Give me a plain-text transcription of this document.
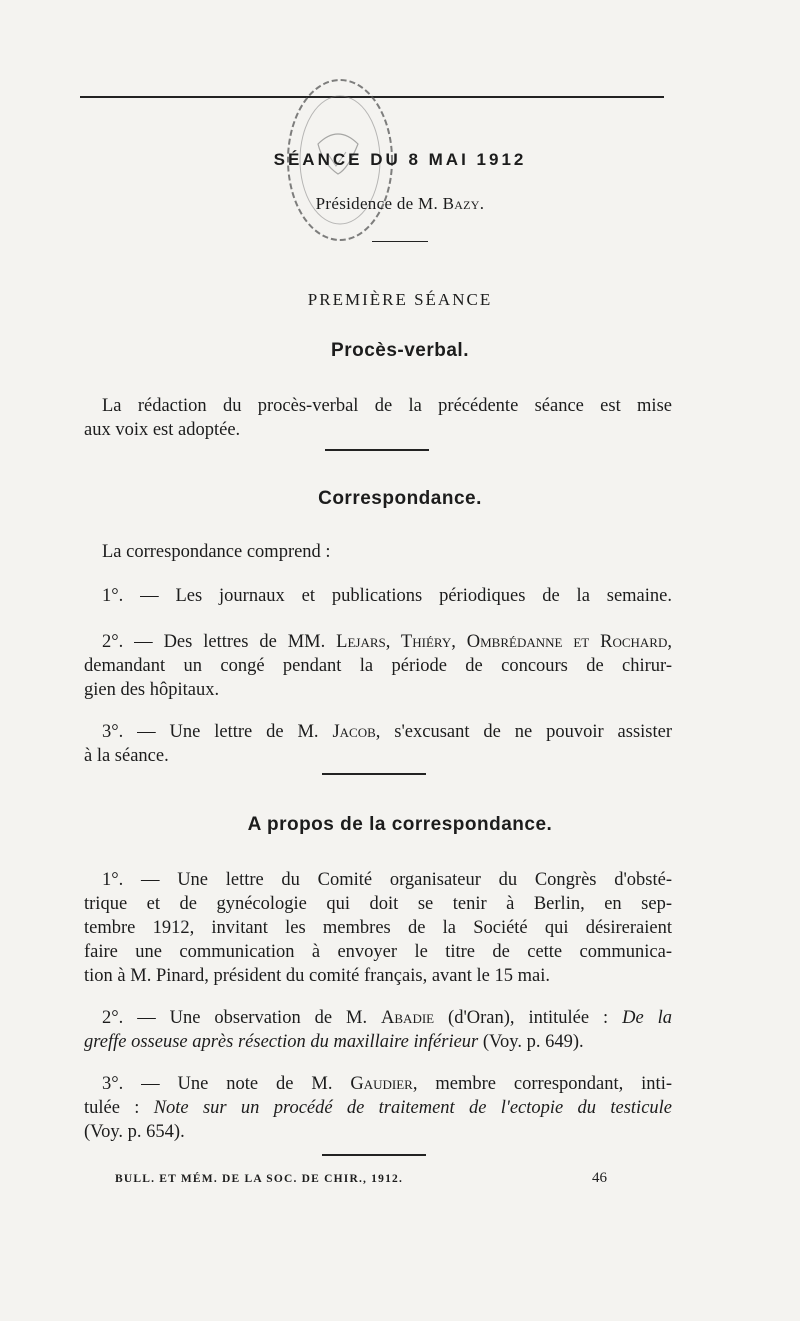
SÉANCE DU 8 MAI 1912
Présidence de M. Bazy.
PREMIÈRE SÉANCE
Procès-verbal.
La rédaction du procès-verbal de la précédente séance est mise
aux voix est adoptée.
Correspondance.
La correspondance comprend :
1°. — Les journaux et publications périodiques de la semaine.
2°. — Des lettres de MM. Lejars, Thiéry, Ombrédanne et Rochard,
demandant un congé pendant la période de concours de chirur-
gien des hôpitaux.
3°. — Une lettre de M. Jacob, s'excusant de ne pouvoir assister
à la séance.
A propos de la correspondance.
1°. — Une lettre du Comité organisateur du Congrès d'obsté-
trique et de gynécologie qui doit se tenir à Berlin, en sep-
tembre 1912, invitant les membres de la Société qui désireraient
faire une communication à envoyer le titre de cette communica-
tion à M. Pinard, président du comité français, avant le 15 mai.
2°. — Une observation de M. Abadie (d'Oran), intitulée : De la
greffe osseuse après résection du maxillaire inférieur (Voy. p. 649).
3°. — Une note de M. Gaudier, membre correspondant, inti-
tulée : Note sur un procédé de traitement de l'ectopie du testicule
(Voy. p. 654).
BULL. ET MÉM. DE LA SOC. DE CHIR., 1912.	46
